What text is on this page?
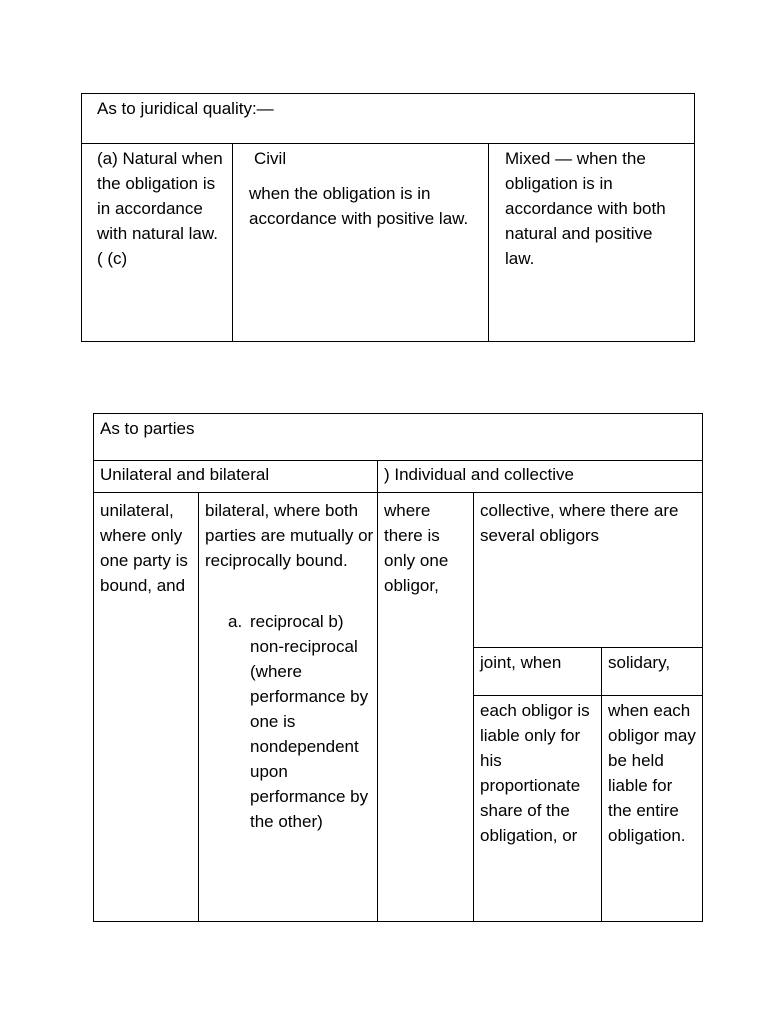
As to juridical quality:—
(a) Natural when the obligation is in accordance with natural law. ( (c)
Civil
when the obligation is in accordance with positive law.
Mixed — when the obligation is in accordance with both natural and positive law.
As to parties
Unilateral and bilateral	) Individual and collective
unilateral, where only one party is bound, and
bilateral, where both parties are mutually or reciprocally bound.
a. reciprocal b) non-reciprocal (where performance by one is nondependent upon performance by the other)
where there is only one obligor,
collective, where there are several obligors
joint, when	solidary,
each obligor is liable only for his proportionate share of the obligation, or
when each obligor may be held liable for the entire obligation.
